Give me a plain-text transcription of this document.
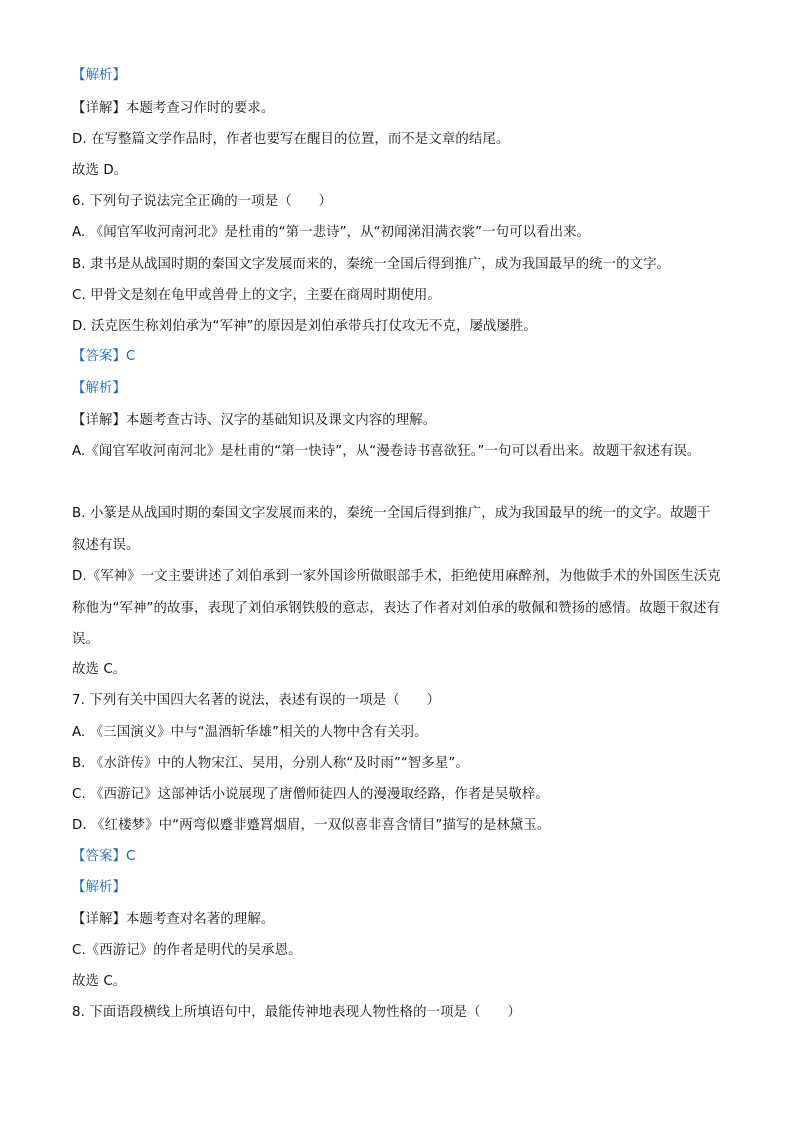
【解析】
【详解】本题考查习作时的要求。
D. 在写整篇文学作品时，作者也要写在醒目的位置，而不是文章的结尾。
故选 D。
6. 下列句子说法完全正确的一项是（　　）
A. 《闻官军收河南河北》是杜甫的“第一悲诗”，从“初闻涕泪满衣裳”一句可以看出来。
B. 隶书是从战国时期的秦国文字发展而来的，秦统一全国后得到推广，成为我国最早的统一的文字。
C. 甲骨文是刻在龟甲或兽骨上的文字，主要在商周时期使用。
D. 沃克医生称刘伯承为“军神”的原因是刘伯承带兵打仗攻无不克，屡战屡胜。
【答案】C
【解析】
【详解】本题考查古诗、汉字的基础知识及课文内容的理解。
A.《闻官军收河南河北》是杜甫的“第一快诗”，从“漫卷诗书喜欲狂。”一句可以看出来。故题干叙述有误。
B. 小篆是从战国时期的秦国文字发展而来的，秦统一全国后得到推广，成为我国最早的统一的文字。故题干叙述有误。
D.《军神》一文主要讲述了刘伯承到一家外国诊所做眼部手术，拒绝使用麻醉剂，为他做手术的外国医生沃克称他为“军神”的故事，表现了刘伯承钢铁般的意志，表达了作者对刘伯承的敬佩和赞扬的感情。故题干叙述有误。
故选 C。
7. 下列有关中国四大名著的说法，表述有误的一项是（　　）
A. 《三国演义》中与“温酒斩华雄”相关的人物中含有关羽。
B. 《水浒传》中的人物宋江、吴用，分别人称“及时雨”“智多星”。
C. 《西游记》这部神话小说展现了唐僧师徒四人的漫漫取经路，作者是吴敬梓。
D. 《红楼梦》中“两弯似蹙非蹙罥烟眉，一双似喜非喜含情目”描写的是林黛玉。
【答案】C
【解析】
【详解】本题考查对名著的理解。
C.《西游记》的作者是明代的吴承恩。
故选 C。
8. 下面语段横线上所填语句中，最能传神地表现人物性格的一项是（　　）
